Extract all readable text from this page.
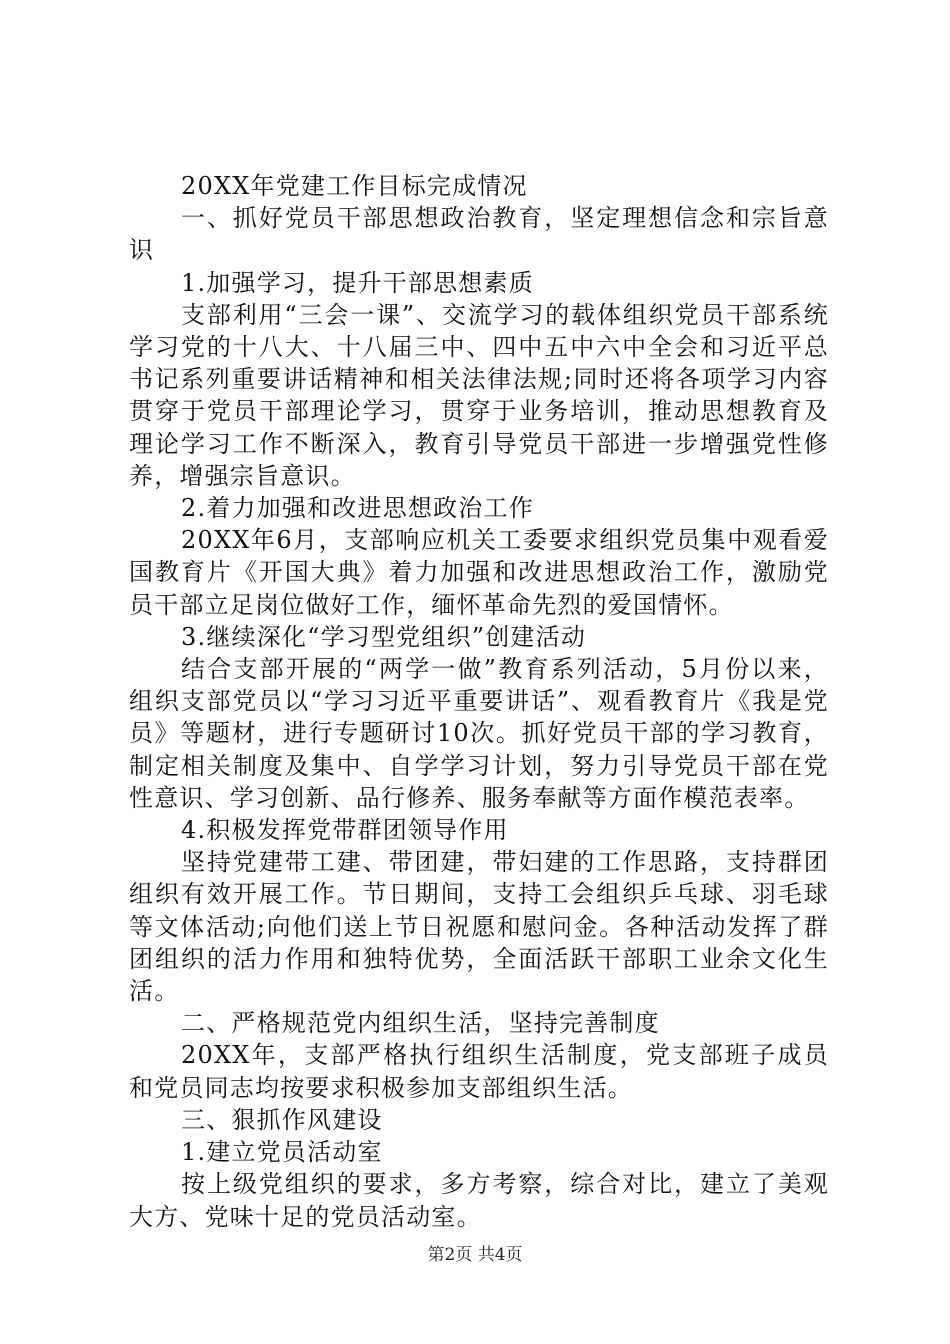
20XX年党建工作目标完成情况

一、抓好党员干部思想政治教育，坚定理想信念和宗旨意识

1.加强学习，提升干部思想素质

支部利用“三会一课”、交流学习的载体组织党员干部系统学习党的十八大、十八届三中、四中五中六中全会和习近平总书记系列重要讲话精神和相关法律法规;同时还将各项学习内容贯穿于党员干部理论学习，贯穿于业务培训，推动思想教育及理论学习工作不断深入，教育引导党员干部进一步增强党性修养，增强宗旨意识。

2.着力加强和改进思想政治工作

20XX年6月，支部响应机关工委要求组织党员集中观看爱国教育片《开国大典》着力加强和改进思想政治工作，激励党员干部立足岗位做好工作，缅怀革命先烈的爱国情怀。

3.继续深化“学习型党组织”创建活动

结合支部开展的“两学一做”教育系列活动，5月份以来，组织支部党员以“学习习近平重要讲话”、观看教育片《我是党员》等题材，进行专题研讨10次。抓好党员干部的学习教育，制定相关制度及集中、自学学习计划，努力引导党员干部在党性意识、学习创新、品行修养、服务奉献等方面作模范表率。

4.积极发挥党带群团领导作用

坚持党建带工建、带团建，带妇建的工作思路，支持群团组织有效开展工作。节日期间，支持工会组织乒乓球、羽毛球等文体活动;向他们送上节日祝愿和慰问金。各种活动发挥了群团组织的活力作用和独特优势，全面活跃干部职工业余文化生活。

二、严格规范党内组织生活，坚持完善制度

20XX年，支部严格执行组织生活制度，党支部班子成员和党员同志均按要求积极参加支部组织生活。

三、狠抓作风建设

1.建立党员活动室

按上级党组织的要求，多方考察，综合对比，建立了美观大方、党味十足的党员活动室。

第2页 共4页
